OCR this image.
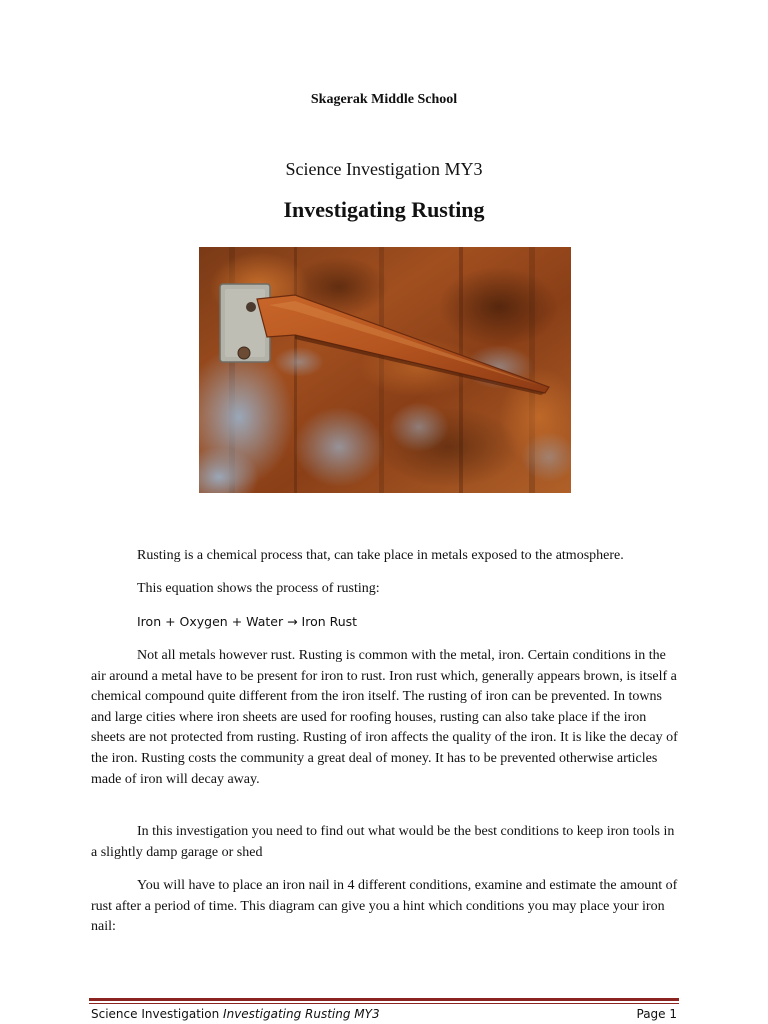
Skagerak Middle School
Science Investigation MY3
Investigating Rusting

Rusting is a chemical process that, can take place in metals exposed to the atmosphere.

This equation shows the process of rusting:

Iron + Oxygen + Water → Iron Rust

Not all metals however rust. Rusting is common with the metal, iron. Certain conditions in the air around a metal have to be present for iron to rust. Iron rust which, generally appears brown, is itself a chemical compound quite different from the iron itself. The rusting of iron can be prevented. In towns and large cities where iron sheets are used for roofing houses, rusting can also take place if the iron sheets are not protected from rusting. Rusting of iron affects the quality of the iron. It is like the decay of the iron. Rusting costs the community a great deal of money. It has to be prevented otherwise articles made of iron will decay away.

In this investigation you need to find out what would be the best conditions to keep iron tools in a slightly damp garage or shed

You will have to place an iron nail in 4 different conditions, examine and estimate the amount of rust after a period of time. This diagram can give you a hint which conditions you may place your iron nail:

Science Investigation Investigating Rusting MY3	Page 1
